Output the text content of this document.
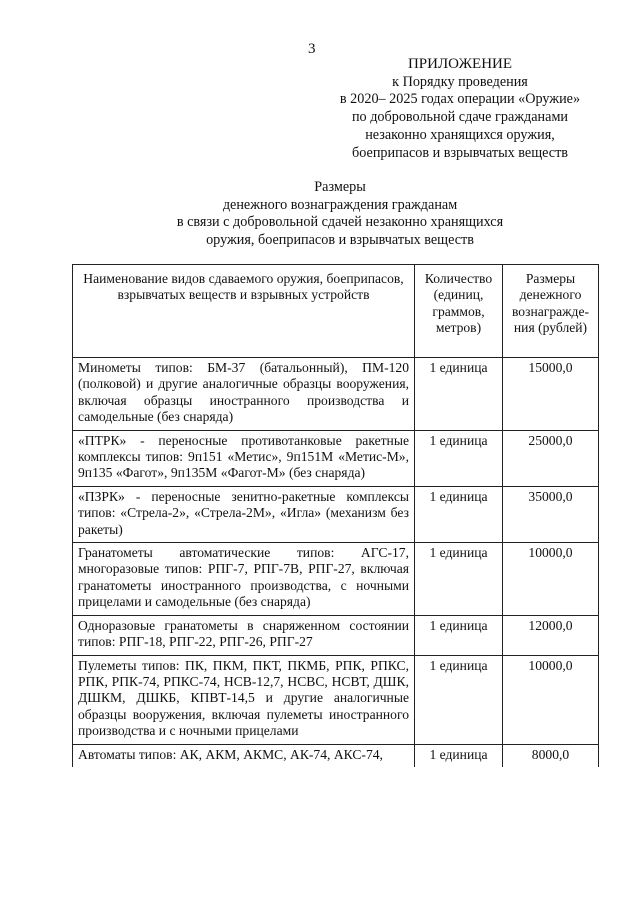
3
ПРИЛОЖЕНИЕ
к Порядку проведения
в 2020– 2025 годах операции «Оружие»
по добровольной сдаче гражданами
незаконно хранящихся оружия,
боеприпасов и взрывчатых веществ
Размеры
денежного вознаграждения гражданам
в связи с добровольной сдачей незаконно хранящихся
оружия, боеприпасов и взрывчатых веществ
Наименование видов сдаваемого оружия, боеприпасов, взрывчатых веществ и взрывных устройств	Количество (единиц, граммов, метров)	Размеры денежного вознагражде-ния (рублей)
Минометы типов: БМ-37 (батальонный), ПМ-120 (полковой) и другие аналогичные образцы вооружения, включая образцы иностранного производства и самодельные (без снаряда)	1 единица	15000,0
«ПТРК» - переносные противотанковые ракетные комплексы типов: 9п151 «Метис», 9п151М «Метис-М», 9п135 «Фагот», 9п135М «Фагот-М» (без снаряда)	1 единица	25000,0
«ПЗРК» - переносные зенитно-ракетные комплексы типов: «Стрела-2», «Стрела-2М», «Игла» (механизм без ракеты)	1 единица	35000,0
Гранатометы автоматические типов: АГС-17, многоразовые типов: РПГ-7, РПГ-7В, РПГ-27, включая гранатометы иностранного производства, с ночными прицелами и самодельные (без снаряда)	1 единица	10000,0
Одноразовые гранатометы в снаряженном состоянии типов: РПГ-18, РПГ-22, РПГ-26, РПГ-27	1 единица	12000,0
Пулеметы типов: ПК, ПКМ, ПКТ, ПКМБ, РПК, РПКС, РПК, РПК-74, РПКС-74, НСВ-12,7, НСВС, НСВТ, ДШК, ДШКМ, ДШКБ, КПВТ-14,5 и другие аналогичные образцы вооружения, включая пулеметы иностранного производства и с ночными прицелами	1 единица	10000,0
Автоматы типов: АК, АКМ, АКМС, АК-74, АКС-74,	1 единица	8000,0
